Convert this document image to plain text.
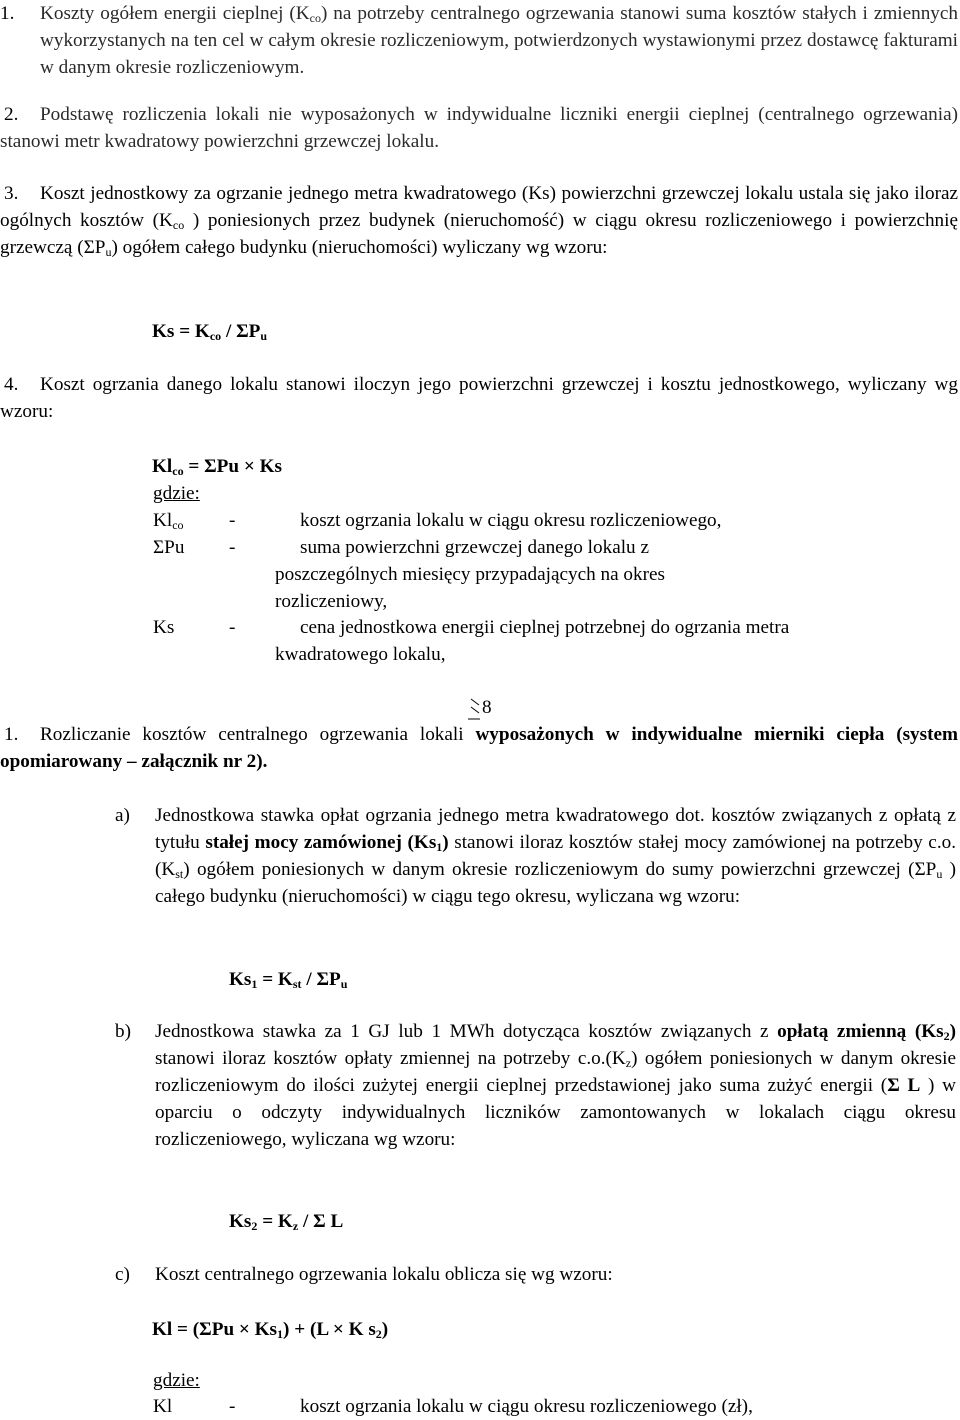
1. Koszty ogółem energii cieplnej $(K_{co})$ na potrzeby centralnego ogrzewania stanowi suma kosztów stałych i zmiennych wykorzystanych na ten cel w całym okresie rozliczeniowym, potwierdzonych wystawionymi przez dostawcę fakturami w danym okresie rozliczeniowym.
2.	Podstawę rozliczenia lokali nie wyposażonych w indywidualne liczniki energii cieplnej (centralnego ogrzewania) stanowi metr kwadratowy powierzchni grzewczej lokalu.
3.	Koszt jednostkowy za ogrzanie jednego metra kwadratowego (Ks) powierzchni grzewczej lokalu ustala się jako iloraz ogólnych kosztów ($K_{co}$ ) poniesionych przez budynek (nieruchomość) w ciągu okresu rozliczeniowego i powierzchnię grzewczą $(\Sigma P_u)$ ogółem całego budynku (nieruchomości) wyliczany wg wzoru:
$Ks = K_{co} / \Sigma P_u$
4.	Koszt ogrzania danego lokalu stanowi iloczyn jego powierzchni grzewczej i kosztu jednostkowego, wyliczany wg wzoru:
$Kl_{co} = \Sigma Pu \times Ks$
gdzie:
$Kl_{co}$ -	koszt ogrzania lokalu w ciągu okresu rozliczeniowego,
ΣPu -	suma powierzchni grzewczej danego lokalu z
poszczególnych miesięcy przypadających na okres
rozliczeniowy,
Ks	-	cena jednostkowa energii cieplnej potrzebnej do ogrzania metra
kwadratowego lokalu,
8
1.	Rozliczanie kosztów centralnego ogrzewania lokali wyposażonych w indywidualne mierniki ciepła (system opomiarowany – załącznik nr 2).
a) Jednostkowa stawka opłat ogrzania jednego metra kwadratowego dot. kosztów związanych z opłatą z tytułu stałej mocy zamówionej $(Ks_1)$ stanowi iloraz kosztów stałej mocy zamówionej na potrzeby c.o. $(K_{st})$ ogółem poniesionych w danym okresie rozliczeniowym do sumy powierzchni grzewczej ($\Sigma P_u$ ) całego budynku (nieruchomości) w ciągu tego okresu, wyliczana wg wzoru:
$Ks_1 = K_{st} / \Sigma P_u$
b) Jednostkowa stawka za 1 GJ lub 1 MWh dotycząca kosztów związanych z opłatą zmienną $(Ks_2)$ stanowi iloraz kosztów opłaty zmiennej na potrzeby $c.o.(K_z)$ ogółem poniesionych w danym okresie rozliczeniowym do ilości zużytej energii cieplnej przedstawionej jako suma zużyć energii (Σ L ) w oparciu o odczyty indywidualnych liczników zamontowanych w lokalach ciągu okresu rozliczeniowego, wyliczana wg wzoru:
$Ks_2 = K_z / \Sigma$ L
c) Koszt centralnego ogrzewania lokalu oblicza się wg wzoru:
$Kl = (\Sigma Pu \times Ks_1) + (L \times K$ $s_2$)
gdzie:
Kl	-	koszt ogrzania lokalu w ciągu okresu rozliczeniowego (zł),
